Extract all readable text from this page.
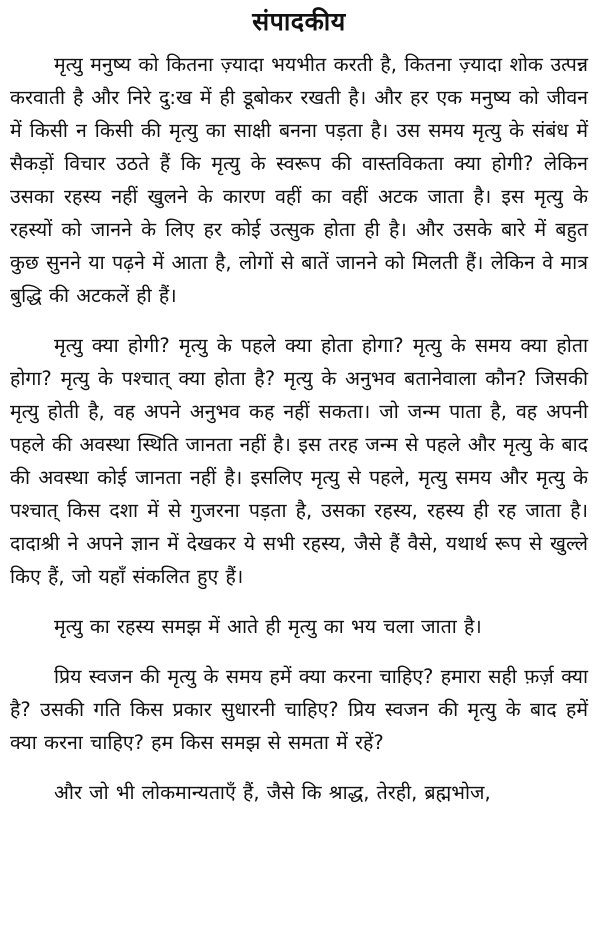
संपादकीय

मृत्यु मनुष्य को कितना ज़्यादा भयभीत करती है, कितना ज़्यादा शोक उत्पन्न करवाती है और निरे दु:ख में ही डूबोकर रखती है। और हर एक मनुष्य को जीवन में किसी न किसी की मृत्यु का साक्षी बनना पड़ता है। उस समय मृत्यु के संबंध में सैकड़ों विचार उठते हैं कि मृत्यु के स्वरूप की वास्तविकता क्या होगी? लेकिन उसका रहस्य नहीं खुलने के कारण वहीं का वहीं अटक जाता है। इस मृत्यु के रहस्यों को जानने के लिए हर कोई उत्सुक होता ही है। और उसके बारे में बहुत कुछ सुनने या पढ़ने में आता है, लोगों से बातें जानने को मिलती हैं। लेकिन वे मात्र बुद्धि की अटकलें ही हैं।

मृत्यु क्या होगी? मृत्यु के पहले क्या होता होगा? मृत्यु के समय क्या होता होगा? मृत्यु के पश्चात् क्या होता है? मृत्यु के अनुभव बतानेवाला कौन? जिसकी मृत्यु होती है, वह अपने अनुभव कह नहीं सकता। जो जन्म पाता है, वह अपनी पहले की अवस्था स्थिति जानता नहीं है। इस तरह जन्म से पहले और मृत्यु के बाद की अवस्था कोई जानता नहीं है। इसलिए मृत्यु से पहले, मृत्यु समय और मृत्यु के पश्चात् किस दशा में से गुजरना पड़ता है, उसका रहस्य, रहस्य ही रह जाता है। दादाश्री ने अपने ज्ञान में देखकर ये सभी रहस्य, जैसे हैं वैसे, यथार्थ रूप से खुल्ले किए हैं, जो यहाँ संकलित हुए हैं।

मृत्यु का रहस्य समझ में आते ही मृत्यु का भय चला जाता है।

प्रिय स्वजन की मृत्यु के समय हमें क्या करना चाहिए? हमारा सही फ़र्ज़ क्या है? उसकी गति किस प्रकार सुधारनी चाहिए? प्रिय स्वजन की मृत्यु के बाद हमें क्या करना चाहिए? हम किस समझ से समता में रहें?

और जो भी लोकमान्यताएँ हैं, जैसे कि श्राद्ध, तेरही, ब्रह्मभोज,
